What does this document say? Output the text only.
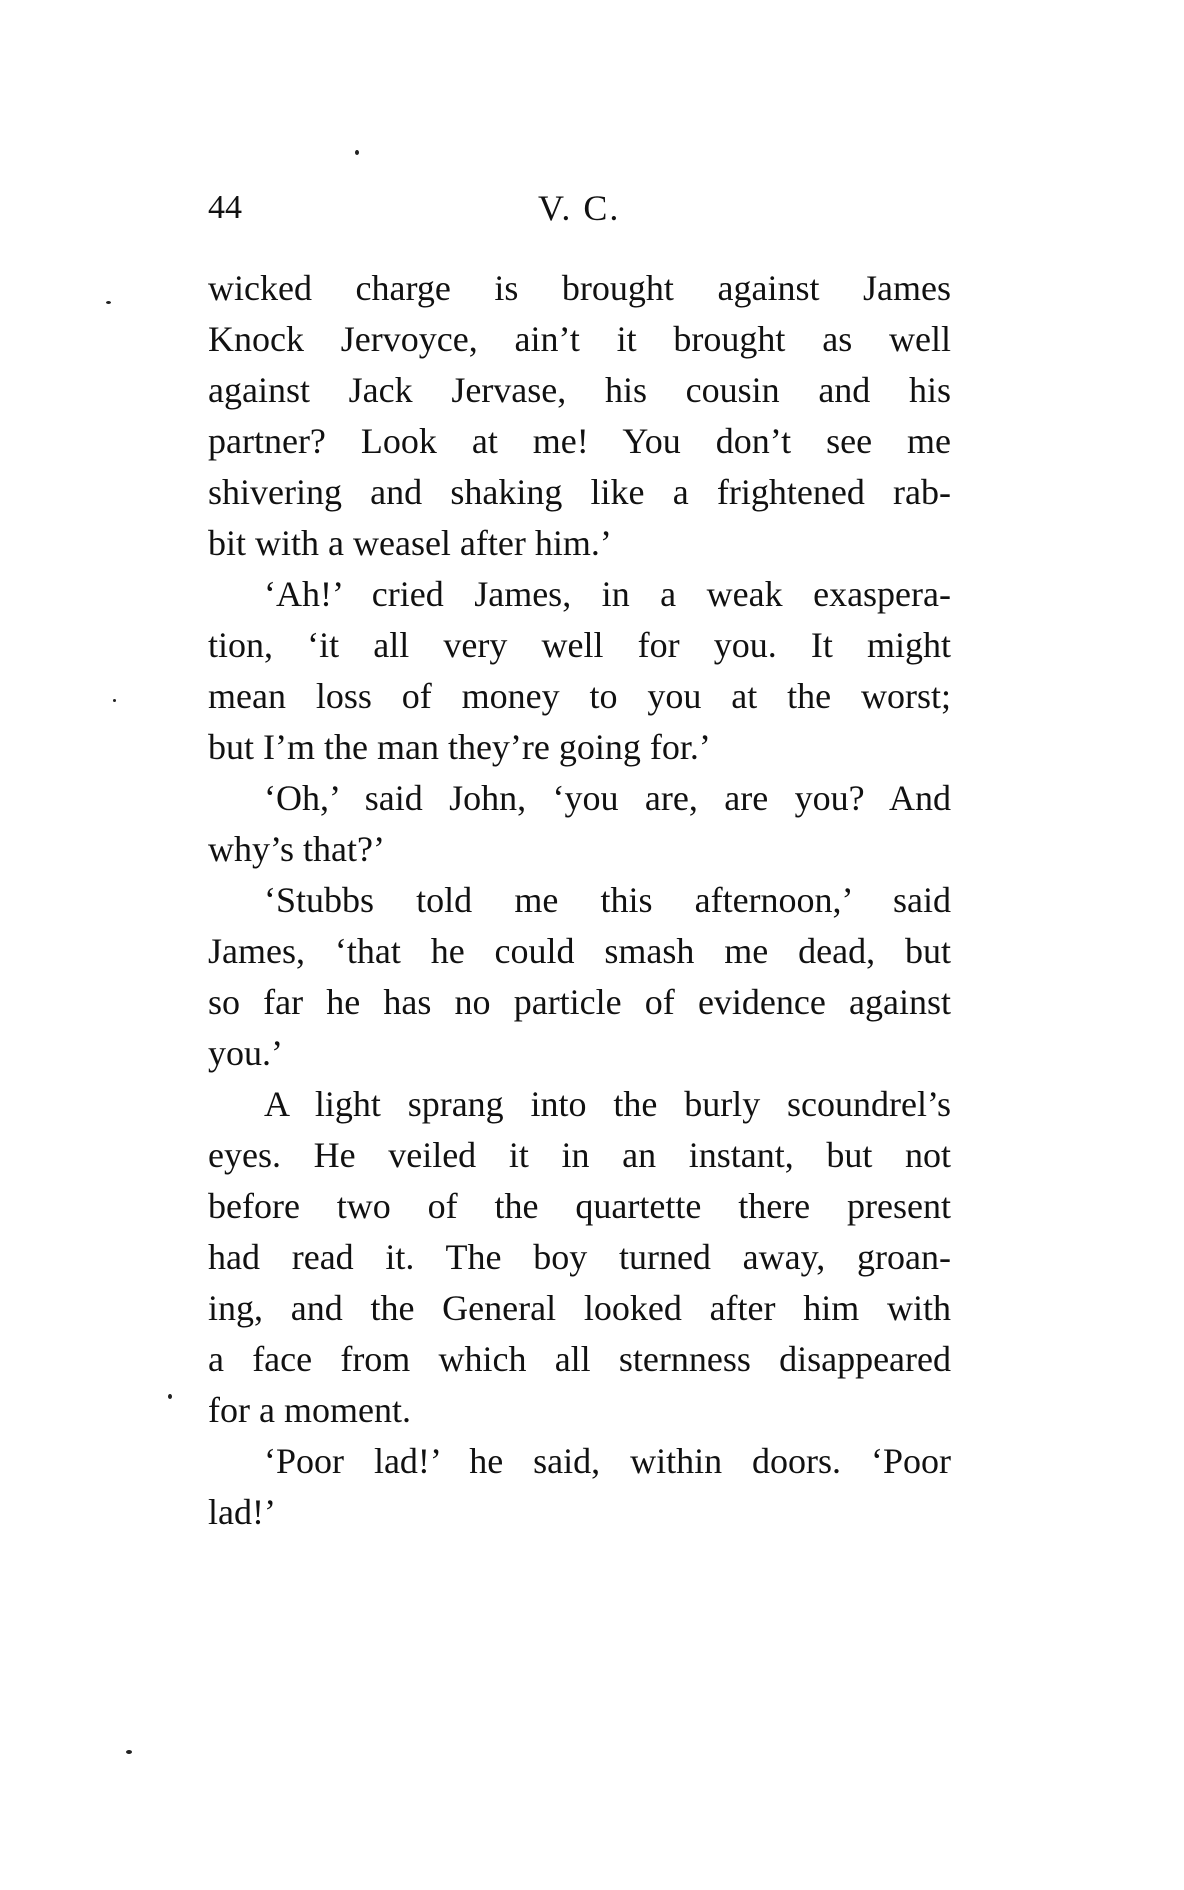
44	V. C.
wicked charge is brought against James
Knock Jervoyce, ain’t it brought as well
against Jack Jervase, his cousin and his
partner? Look at me! You don’t see me
shivering and shaking like a frightened rab-
bit with a weasel after him.’
‘Ah!’ cried James, in a weak exaspera-
tion, ‘it all very well for you. It might
mean loss of money to you at the worst;
but I’m the man they’re going for.’
‘Oh,’ said John, ‘you are, are you? And
why’s that?’
‘Stubbs told me this afternoon,’ said
James, ‘that he could smash me dead, but
so far he has no particle of evidence against
you.’
A light sprang into the burly scoundrel’s
eyes. He veiled it in an instant, but not
before two of the quartette there present
had read it. The boy turned away, groan-
ing, and the General looked after him with
a face from which all sternness disappeared
for a moment.
‘Poor lad!’ he said, within doors. ‘Poor
lad!’
